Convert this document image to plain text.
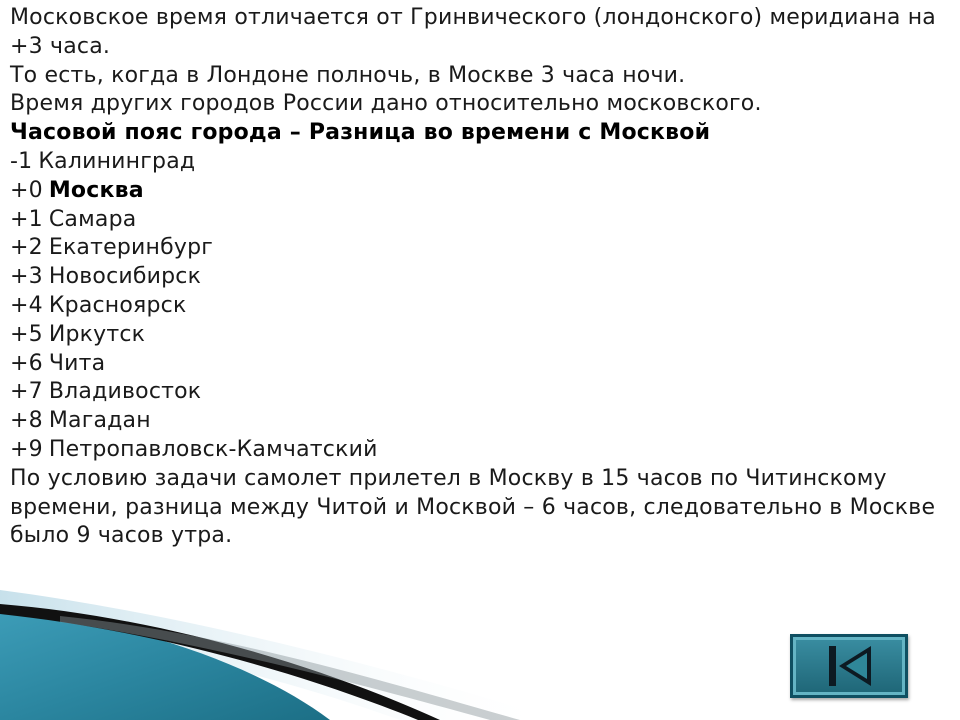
Московское время отличается от Гринвического (лондонского) меридиана на +3 часа.

То есть, когда в Лондоне полночь, в Москве 3 часа ночи.

Время других городов России дано относительно московского.

Часовой пояс города – Разница во времени с Москвой

-1 Калининград

+0 Москва

+1 Самара

+2 Екатеринбург

+3 Новосибирск

+4 Красноярск

+5 Иркутск

+6 Чита

+7 Владивосток

+8 Магадан

+9 Петропавловск-Камчатский

По условию задачи самолет прилетел в Москву в 15 часов по Читинскому времени, разница между Читой и Москвой – 6 часов, следовательно в Москве было 9 часов утра.
